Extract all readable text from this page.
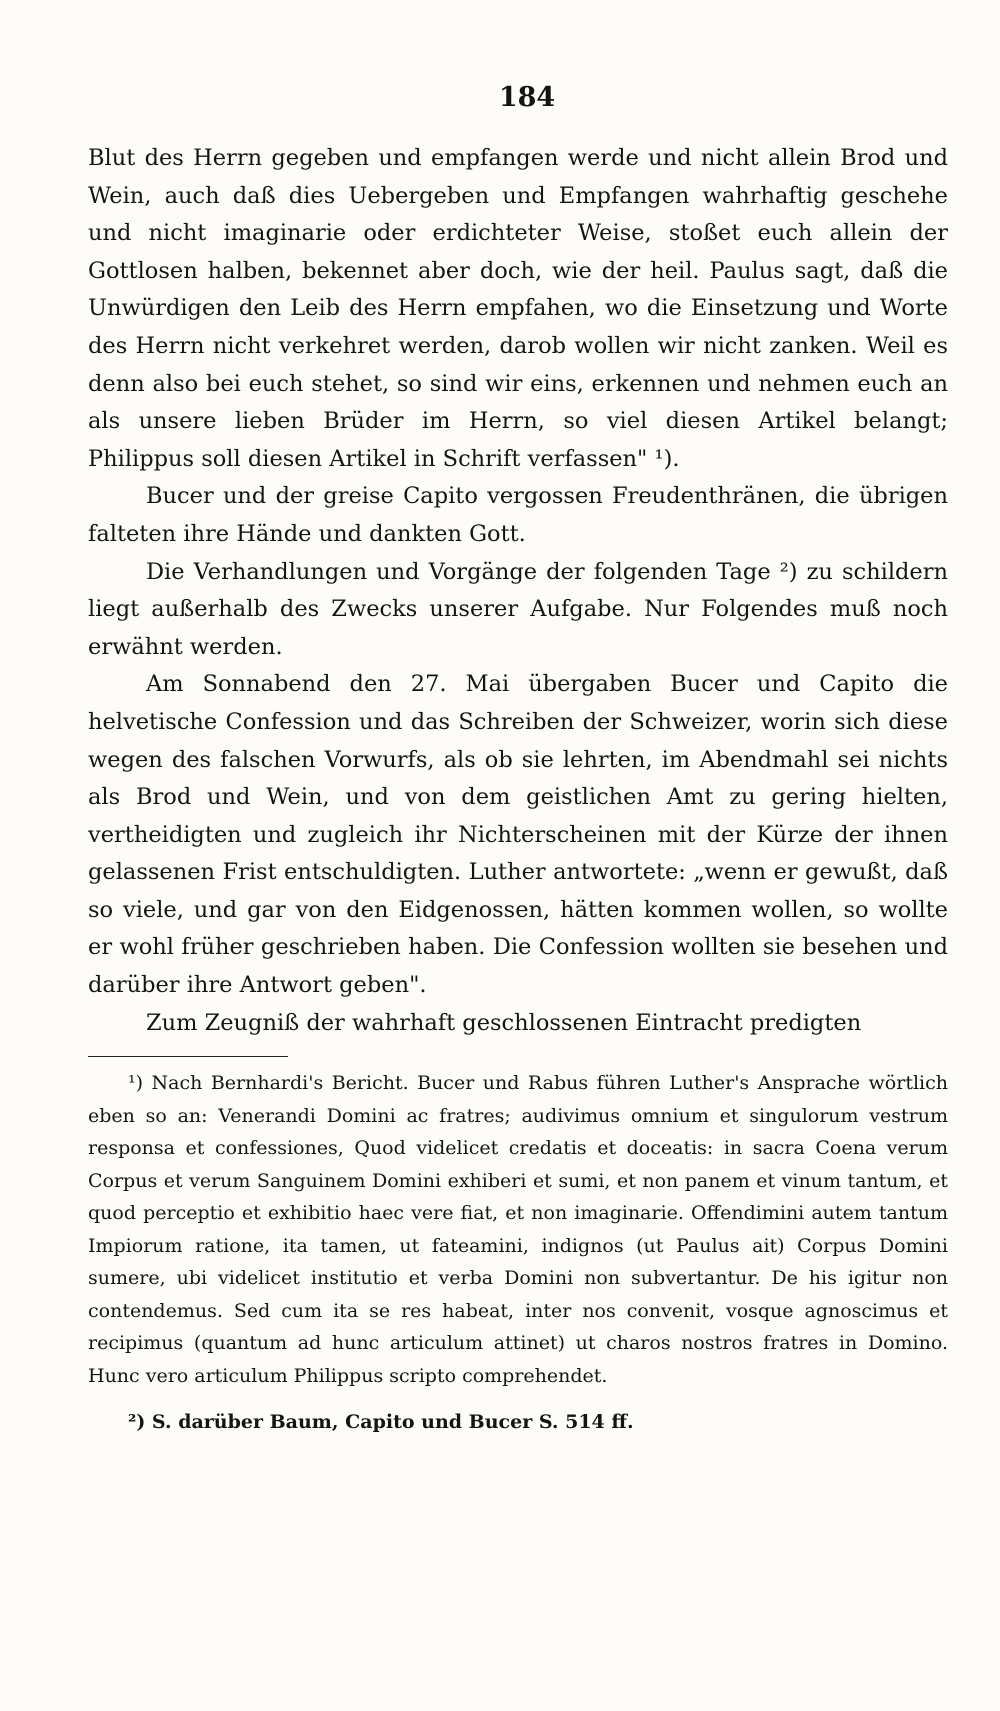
184

Blut des Herrn gegeben und empfangen werde und nicht allein Brod und Wein, auch daß dies Uebergeben und Empfangen wahrhaftig geschehe und nicht imaginarie oder erdichteter Weise, stoßet euch allein der Gottlosen halben, bekennet aber doch, wie der heil. Paulus sagt, daß die Unwürdigen den Leib des Herrn empfahen, wo die Einsetzung und Worte des Herrn nicht verkehret werden, darob wollen wir nicht zanken. Weil es denn also bei euch stehet, so sind wir eins, erkennen und nehmen euch an als unsere lieben Brüder im Herrn, so viel diesen Artikel belangt; Philippus soll diesen Artikel in Schrift verfassen" ¹).

Bucer und der greise Capito vergossen Freudenthränen, die übrigen falteten ihre Hände und dankten Gott.

Die Verhandlungen und Vorgänge der folgenden Tage ²) zu schildern liegt außerhalb des Zwecks unserer Aufgabe. Nur Folgendes muß noch erwähnt werden.

Am Sonnabend den 27. Mai übergaben Bucer und Capito die helvetische Confession und das Schreiben der Schweizer, worin sich diese wegen des falschen Vorwurfs, als ob sie lehrten, im Abendmahl sei nichts als Brod und Wein, und von dem geistlichen Amt zu gering hielten, vertheidigten und zugleich ihr Nichterscheinen mit der Kürze der ihnen gelassenen Frist entschuldigten. Luther antwortete: „wenn er gewußt, daß so viele, und gar von den Eidgenossen, hätten kommen wollen, so wollte er wohl früher geschrieben haben. Die Confession wollten sie besehen und darüber ihre Antwort geben".

Zum Zeugniß der wahrhaft geschlossenen Eintracht predigten

¹) Nach Bernhardi's Bericht. Bucer und Rabus führen Luther's Ansprache wörtlich eben so an: Venerandi Domini ac fratres; audivimus omnium et singulorum vestrum responsa et confessiones, Quod videlicet credatis et doceatis: in sacra Coena verum Corpus et verum Sanguinem Domini exhiberi et sumi, et non panem et vinum tantum, et quod perceptio et exhibitio haec vere fiat, et non imaginarie. Offendimini autem tantum Impiorum ratione, ita tamen, ut fateamini, indignos (ut Paulus ait) Corpus Domini sumere, ubi videlicet institutio et verba Domini non subvertantur. De his igitur non contendemus. Sed cum ita se res habeat, inter nos convenit, vosque agnoscimus et recipimus (quantum ad hunc articulum attinet) ut charos nostros fratres in Domino. Hunc vero articulum Philippus scripto comprehendet.

²) S. darüber Baum, Capito und Bucer S. 514 ff.
